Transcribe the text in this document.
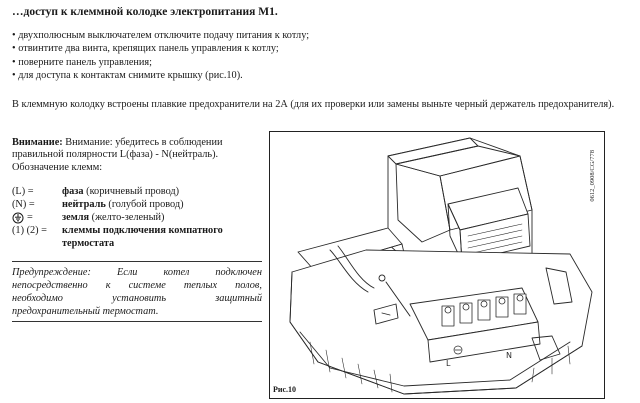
…доступ к клеммной колодке электропитания М1.
• двухполюсным выключателем отключите подачу питания к котлу;
• отвинтите два винта, крепящих панель управления к котлу;
• поверните панель управления;
• для доступа к контактам снимите крышку (рис.10).
В клеммную колодку встроены плавкие предохранители на 2А (для их проверки или замены выньте черный держатель предохранителя).
Внимание: Внимание: убедитесь в соблюдении правильной полярности L(фаза) - N(нейтраль). Обозначение клемм:
(L) =	фаза (коричневый провод)
(N) =	нейтраль (голубой провод)
=	земля (желто-зеленый)
(1) (2) =	клеммы подключения компатного
термостата
Предупреждение:	Если	котел	подключен
непосредственно к системе теплых полов,
необходимо	установить	защитный
предохранительный термостат.
L
N
0612_0908/CG/778
Рис.10
